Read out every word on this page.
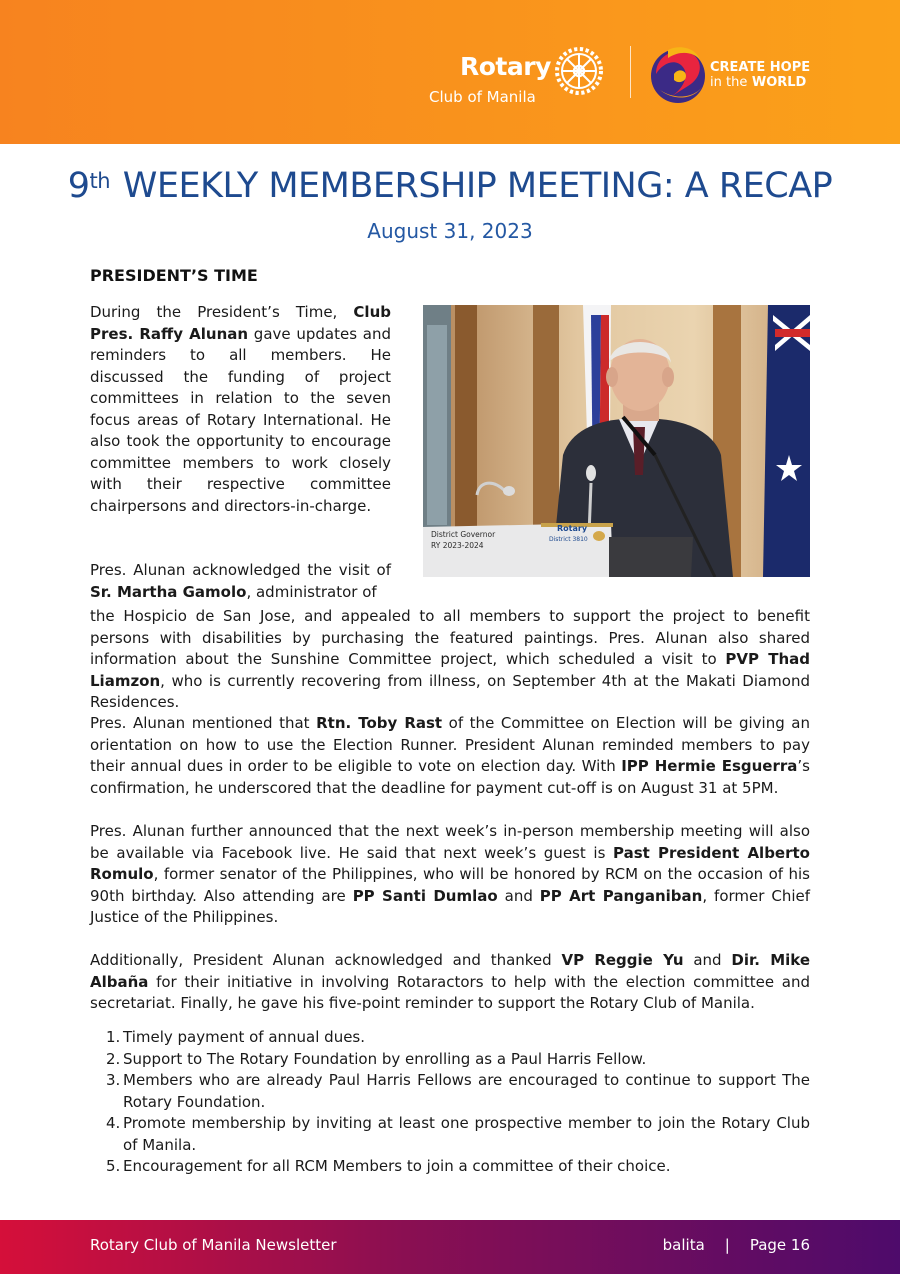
Rotary
Club of Manila
CREATE HOPE
in the WORLD
9th WEEKLY MEMBERSHIP MEETING: A RECAP
August 31, 2023
PRESIDENT’S TIME

During the President’s Time, Club Pres. Raffy Alunan gave updates and reminders to all members. He discussed the funding of project committees in relation to the seven focus areas of Rotary International. He also took the opportunity to encourage committee members to work closely with their respective committee chairpersons and directors-in-charge.

Pres. Alunan acknowledged the visit of Sr. Martha Gamolo, administrator of

the Hospicio de San Jose, and appealed to all members to support the project to benefit persons with disabilities by purchasing the featured paintings. Pres. Alunan also shared information about the Sunshine Committee project, which scheduled a visit to PVP Thad Liamzon, who is currently recovering from illness, on September 4th at the Makati Diamond Residences.

Pres. Alunan mentioned that Rtn. Toby Rast of the Committee on Election will be giving an orientation on how to use the Election Runner. President Alunan reminded members to pay their annual dues in order to be eligible to vote on election day. With IPP Hermie Esguerra’s confirmation, he underscored that the deadline for payment cut-off is on August 31 at 5PM.

Pres. Alunan further announced that the next week’s in-person membership meeting will also be available via Facebook live. He said that next week’s guest is Past President Alberto Romulo, former senator of the Philippines, who will be honored by RCM on the occasion of his 90th birthday. Also attending are PP Santi Dumlao and PP Art Panganiban, former Chief Justice of the Philippines.

Additionally, President Alunan acknowledged and thanked VP Reggie Yu and Dir. Mike Albaña for their initiative in involving Rotaractors to help with the election committee and secretariat. Finally, he gave his five-point reminder to support the Rotary Club of Manila.

1. Timely payment of annual dues.
2. Support to The Rotary Foundation by enrolling as a Paul Harris Fellow.
3. Members who are already Paul Harris Fellows are encouraged to continue to support The Rotary Foundation.
4. Promote membership by inviting at least one prospective member to join the Rotary Club of Manila.
5. Encouragement for all RCM Members to join a committee of their choice.
District Governor
RY 2023-2024
Rotary
District 3810
Rotary Club of Manila Newsletter	balita | Page 16
